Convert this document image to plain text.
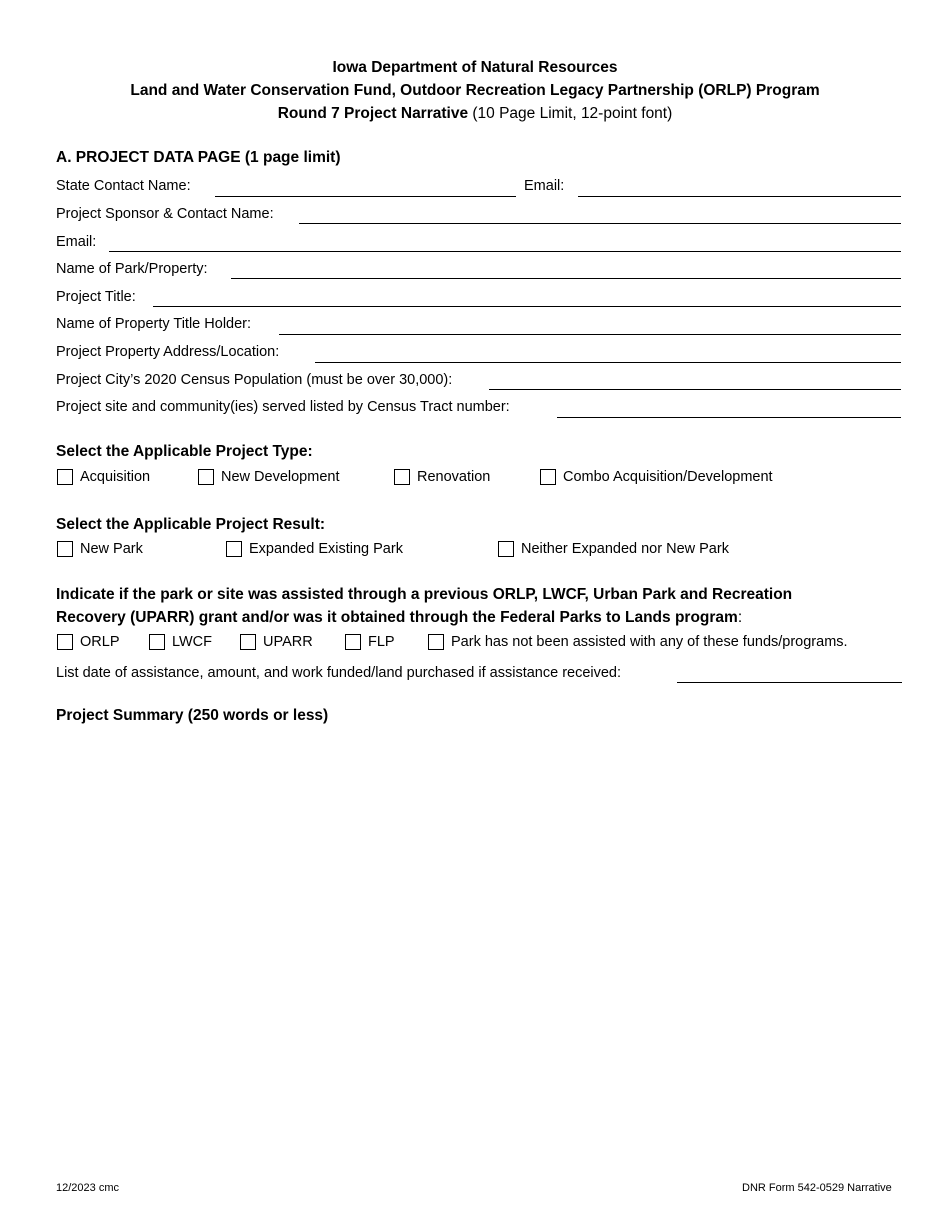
Iowa Department of Natural Resources
Land and Water Conservation Fund, Outdoor Recreation Legacy Partnership (ORLP) Program
Round 7 Project Narrative (10 Page Limit, 12-point font)
A. PROJECT DATA PAGE (1 page limit)
State Contact Name:	Email:
Project Sponsor & Contact Name:
Email:
Name of Park/Property:
Project Title:
Name of Property Title Holder:
Project Property Address/Location:
Project City’s 2020 Census Population (must be over 30,000):
Project site and community(ies) served listed by Census Tract number:
Select the Applicable Project Type:
Acquisition	New Development	Renovation	Combo Acquisition/Development
Select the Applicable Project Result:
New Park	Expanded Existing Park	Neither Expanded nor New Park
Indicate if the park or site was assisted through a previous ORLP, LWCF, Urban Park and Recreation
Recovery (UPARR) grant and/or was it obtained through the Federal Parks to Lands program:
ORLP	LWCF	UPARR	FLP	Park has not been assisted with any of these funds/programs.
List date of assistance, amount, and work funded/land purchased if assistance received:
Project Summary (250 words or less)
12/2023 cmc	DNR Form 542-0529 Narrative
